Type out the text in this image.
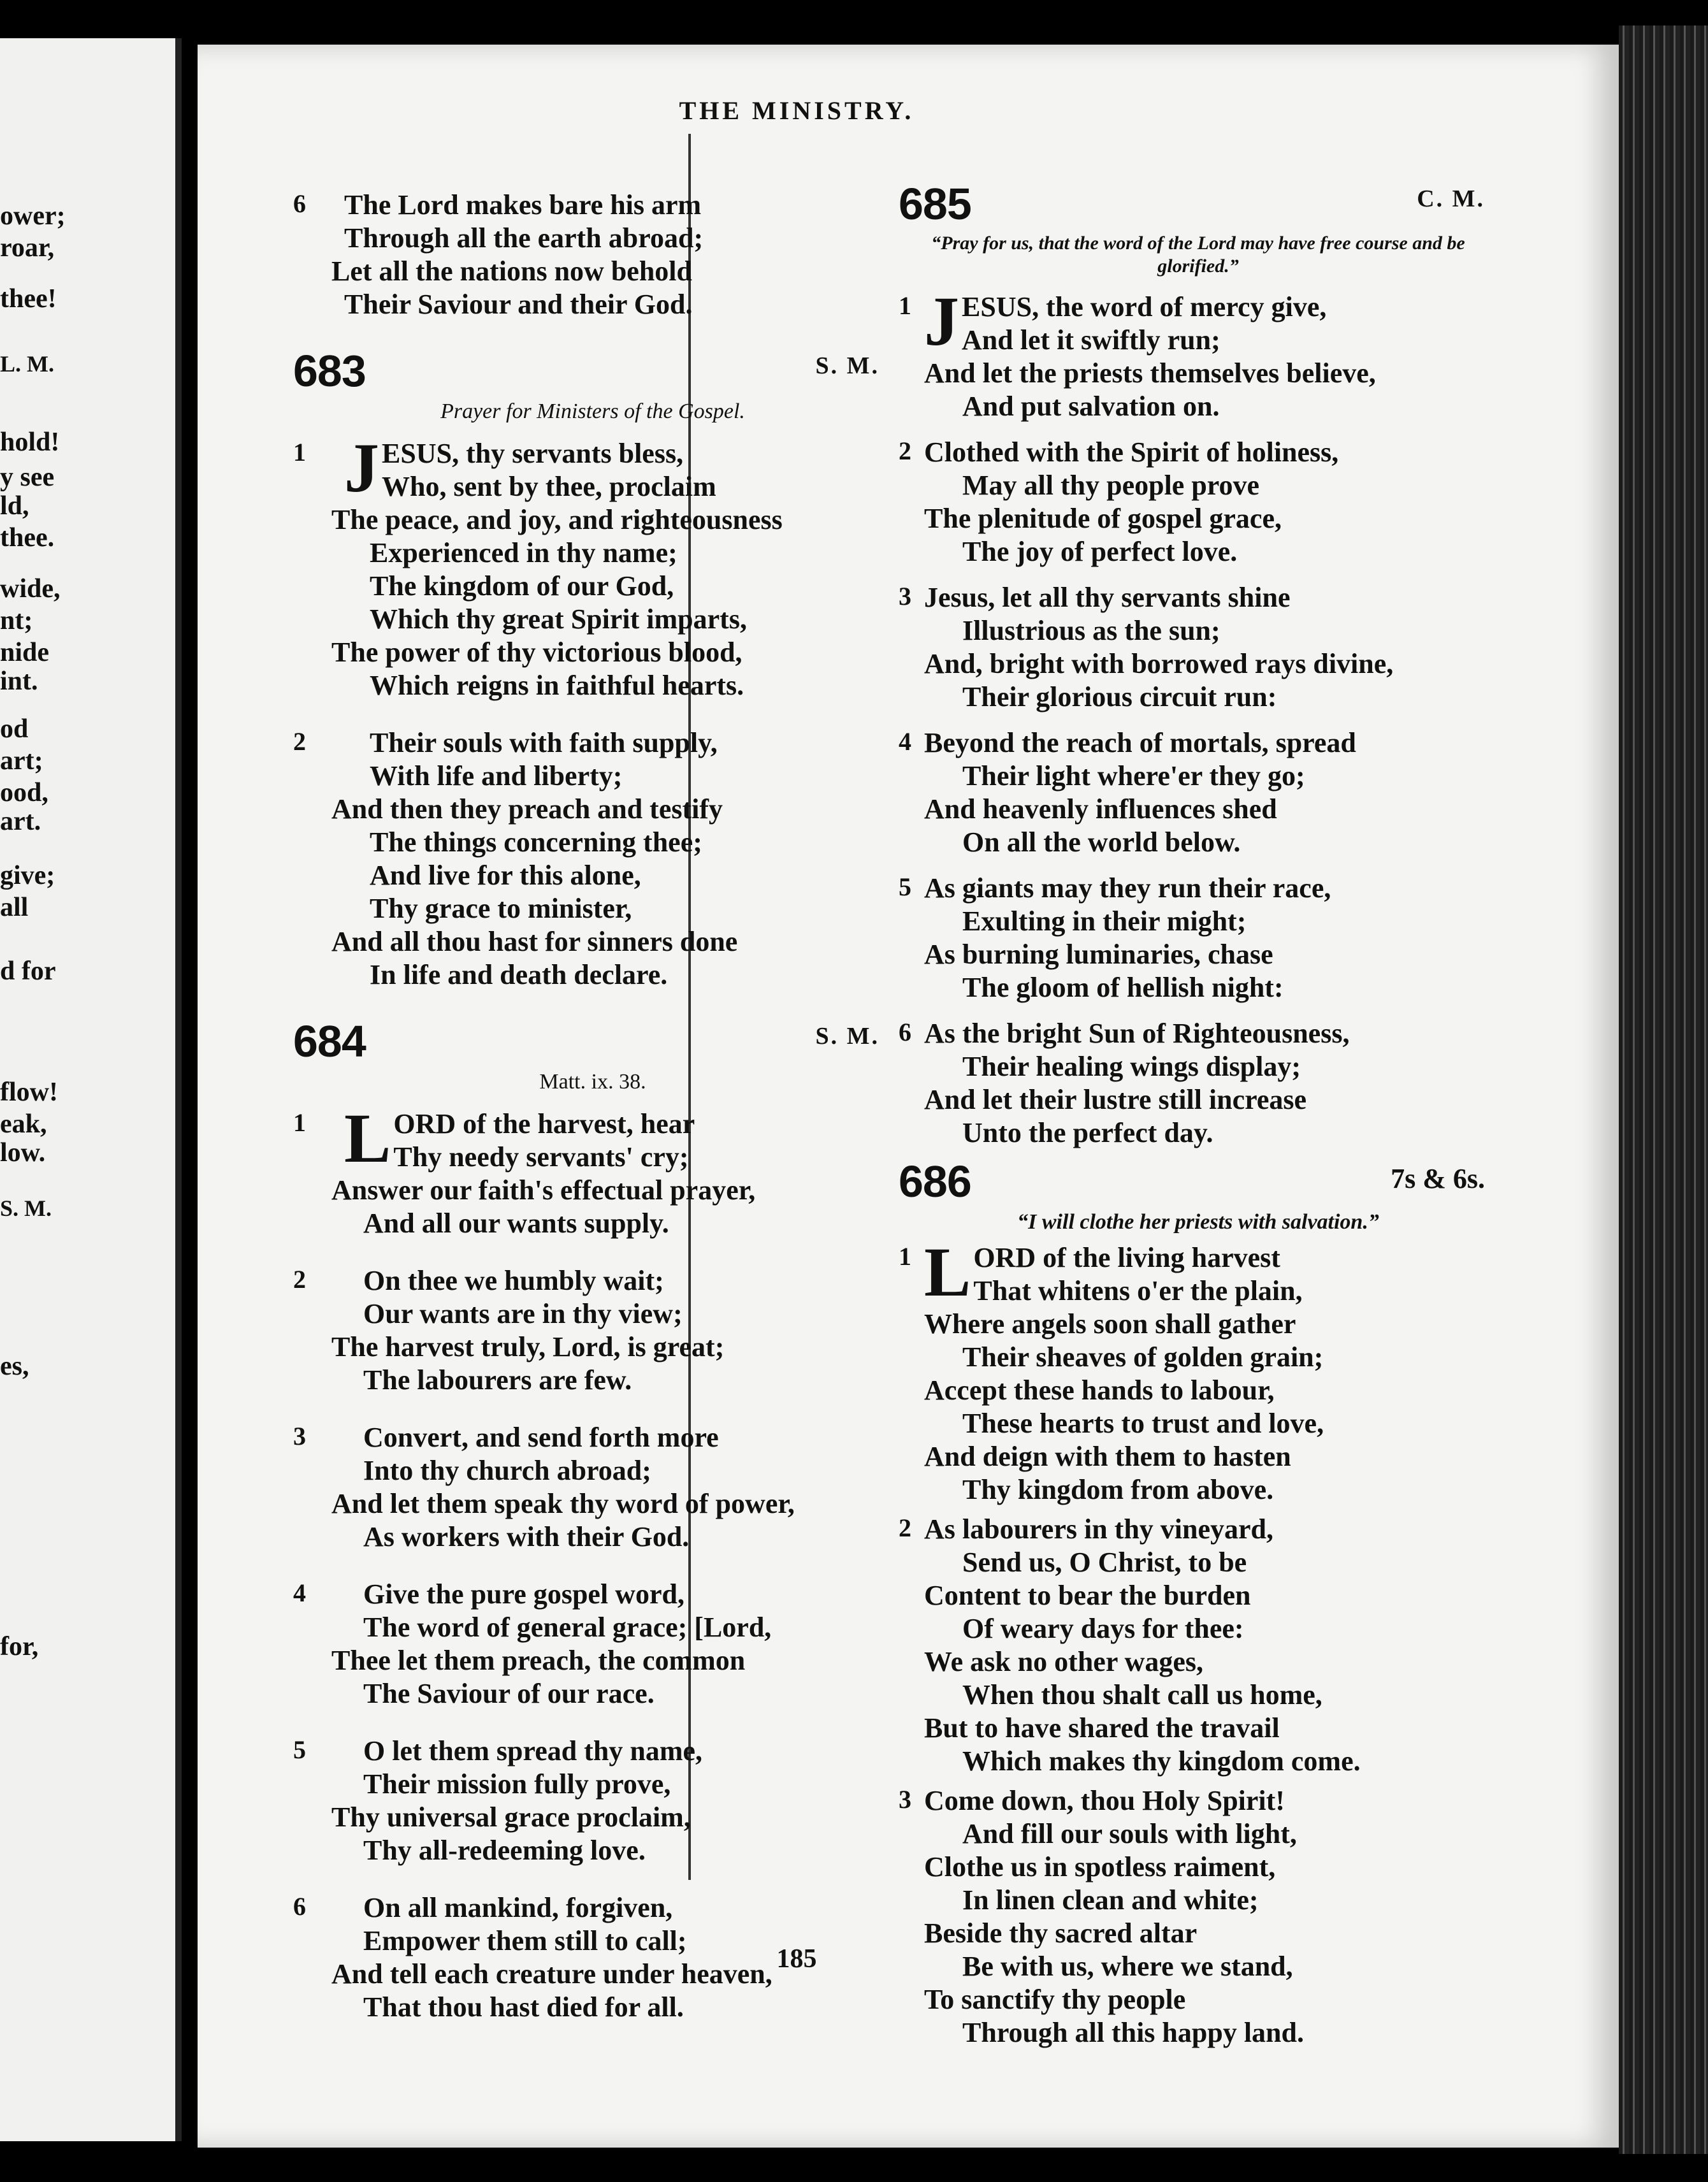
ower;
roar,
thee!
L. M.
hold!
y see
ld,
thee.
wide,
nt;
nide
int.
od
art;
ood,
art.
give;
all
d for
flow!
eak,
low.
S. M.
es,
for,
THE MINISTRY.
6	The Lord makes bare his arm
Through all the earth abroad;
Let all the nations now behold
Their Saviour and their God.
683	S. M.
Prayer for Ministers of the Gospel.
1 J ESUS, thy servants bless,
Who, sent by thee, proclaim
The peace, and joy, and righteousness
Experienced in thy name;
The kingdom of our God,
Which thy great Spirit imparts,
The power of thy victorious blood,
Which reigns in faithful hearts.
2	Their souls with faith supply,
With life and liberty;
And then they preach and testify
The things concerning thee;
And live for this alone,
Thy grace to minister,
And all thou hast for sinners done
In life and death declare.
684	S. M.
Matt. ix. 38.
1 L ORD of the harvest, hear
Thy needy servants' cry;
Answer our faith's effectual prayer,
And all our wants supply.
2	On thee we humbly wait;
Our wants are in thy view;
The harvest truly, Lord, is great;
The labourers are few.
3	Convert, and send forth more
Into thy church abroad;
And let them speak thy word of power,
As workers with their God.
4	Give the pure gospel word,
The word of general grace; [Lord,
Thee let them preach, the common
The Saviour of our race.
5	O let them spread thy name,
Their mission fully prove,
Thy universal grace proclaim,
Thy all-redeeming love.
6	On all mankind, forgiven,
Empower them still to call;
And tell each creature under heaven,
That thou hast died for all.
685	C. M.
“Pray for us, that the word of the Lord may have free course and be glorified.”
1 J ESUS, the word of mercy give,
And let it swiftly run;
And let the priests themselves believe,
And put salvation on.
2 Clothed with the Spirit of holiness,
May all thy people prove
The plenitude of gospel grace,
The joy of perfect love.
3 Jesus, let all thy servants shine
Illustrious as the sun;
And, bright with borrowed rays divine,
Their glorious circuit run:
4 Beyond the reach of mortals, spread
Their light where'er they go;
And heavenly influences shed
On all the world below.
5 As giants may they run their race,
Exulting in their might;
As burning luminaries, chase
The gloom of hellish night:
6 As the bright Sun of Righteousness,
Their healing wings display;
And let their lustre still increase
Unto the perfect day.
686	7s & 6s.
“I will clothe her priests with salvation.”
1 L ORD of the living harvest
That whitens o'er the plain,
Where angels soon shall gather
Their sheaves of golden grain;
Accept these hands to labour,
These hearts to trust and love,
And deign with them to hasten
Thy kingdom from above.
2 As labourers in thy vineyard,
Send us, O Christ, to be
Content to bear the burden
Of weary days for thee:
We ask no other wages,
When thou shalt call us home,
But to have shared the travail
Which makes thy kingdom come.
3 Come down, thou Holy Spirit!
And fill our souls with light,
Clothe us in spotless raiment,
In linen clean and white;
Beside thy sacred altar
Be with us, where we stand,
To sanctify thy people
Through all this happy land.
185
